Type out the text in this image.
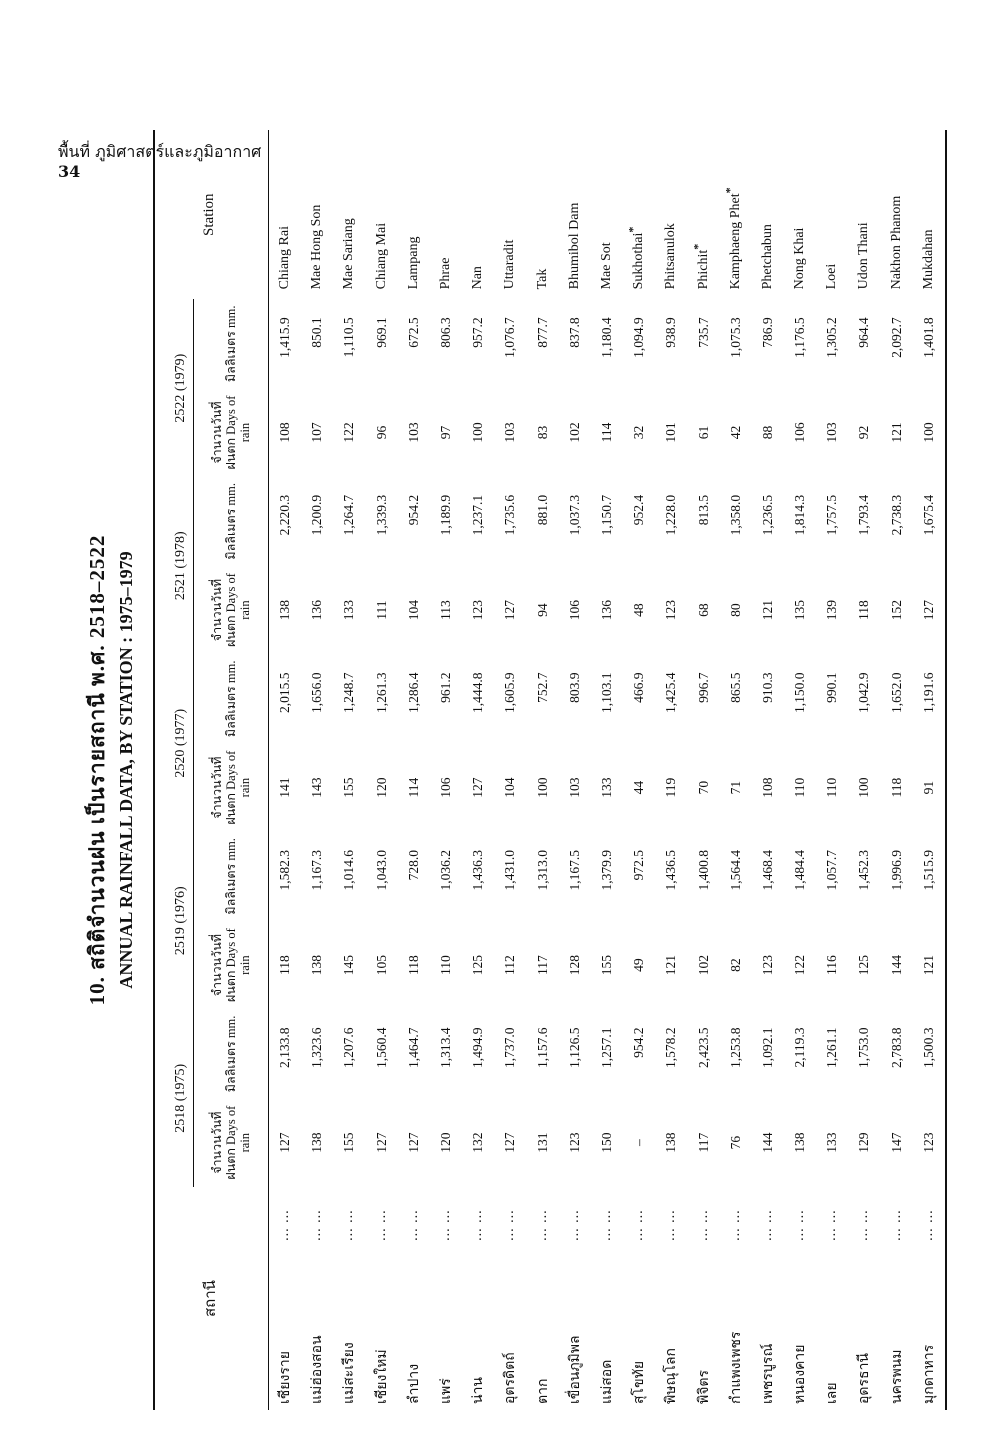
พื้นที่ ภูมิศาสตร์และภูมิอากาศ
34
10. สถิติจำนวนฝน เป็นรายสถานี พ.ศ. 2518–2522 ANNUAL RAINFALL DATA, BY STATION : 1975–1979
สถานี		2518 (1975)		2519 (1976)		2520 (1977)		2521 (1978)		2522 (1979)		Station
		จำนวนวันที่ ฝนตก Days of rain	มิลลิเมตร mm.	จำนวนวันที่ ฝนตก Days of rain	มิลลิเมตร mm.	จำนวนวันที่ ฝนตก Days of rain	มิลลิเมตร mm.	จำนวนวันที่ ฝนตก Days of rain	มิลลิเมตร mm.	จำนวนวันที่ ฝนตก Days of rain	มิลลิเมตร mm.	
เชียงราย	... ...	127	2,133.8	118	1,582.3	141	2,015.5	138	2,220.3	108	1,415.9	Chiang Rai
แม่ฮ่องสอน	... ...	138	1,323.6	138	1,167.3	143	1,656.0	136	1,200.9	107	850.1	Mae Hong Son
แม่สะเรียง	... ...	155	1,207.6	145	1,014.6	155	1,248.7	133	1,264.7	122	1,110.5	Mae Sariang
เชียงใหม่	... ...	127	1,560.4	105	1,043.0	120	1,261.3	111	1,339.3	96	969.1	Chiang Mai
ลำปาง	... ...	127	1,464.7	118	728.0	114	1,286.4	104	954.2	103	672.5	Lampang
แพร่	... ...	120	1,313.4	110	1,036.2	106	961.2	113	1,189.9	97	806.3	Phrae
น่าน	... ...	132	1,494.9	125	1,436.3	127	1,444.8	123	1,237.1	100	957.2	Nan
อุตรดิตถ์	... ...	127	1,737.0	112	1,431.0	104	1,605.9	127	1,735.6	103	1,076.7	Uttaradit
ตาก	... ...	131	1,157.6	117	1,313.0	100	752.7	94	881.0	83	877.7	Tak
เขื่อนภูมิพล	... ...	123	1,126.5	128	1,167.5	103	803.9	106	1,037.3	102	837.8	Bhumibol Dam
แม่สอด	... ...	150	1,257.1	155	1,379.9	133	1,103.1	136	1,150.7	114	1,180.4	Mae Sot
สุโขทัย	... ...	–	954.2	49	972.5	44	466.9	48	952.4	32	1,094.9	Sukhothai*
พิษณุโลก	... ...	138	1,578.2	121	1,436.5	119	1,425.4	123	1,228.0	101	938.9	Phitsanulok
พิจิตร	... ...	117	2,423.5	102	1,400.8	70	996.7	68	813.5	61	735.7	Phichit*
กำแพงเพชร	... ...	76	1,253.8	82	1,564.4	71	865.5	80	1,358.0	42	1,075.3	Kamphaeng Phet*
เพชรบูรณ์	... ...	144	1,092.1	123	1,468.4	108	910.3	121	1,236.5	88	786.9	Phetchabun
หนองคาย	... ...	138	2,119.3	122	1,484.4	110	1,150.0	135	1,814.3	106	1,176.5	Nong Khai
เลย	... ...	133	1,261.1	116	1,057.7	110	990.1	139	1,757.5	103	1,305.2	Loei
อุดรธานี	... ...	129	1,753.0	125	1,452.3	100	1,042.9	118	1,793.4	92	964.4	Udon Thani
นครพนม	... ...	147	2,783.8	144	1,996.9	118	1,652.0	152	2,738.3	121	2,092.7	Nakhon Phanom
มุกดาหาร	... ...	123	1,500.3	121	1,515.9	91	1,191.6	127	1,675.4	100	1,401.8	Mukdahan
